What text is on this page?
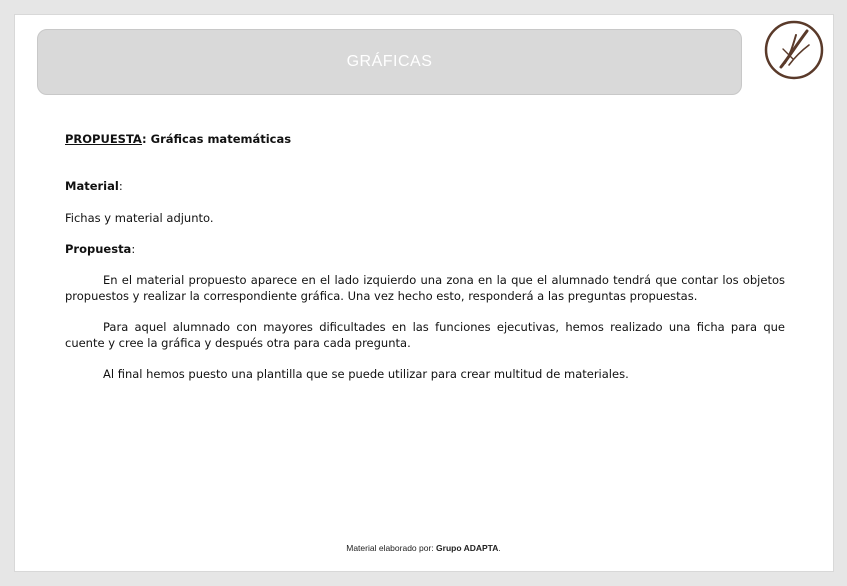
GRÁFICAS

PROPUESTA: Gráficas matemáticas

Material:

Fichas y material adjunto.

Propuesta:

En el material propuesto aparece en el lado izquierdo una zona en la que el alumnado tendrá que contar los objetos propuestos y realizar la correspondiente gráfica. Una vez hecho esto, responderá a las preguntas propuestas.

Para aquel alumnado con mayores dificultades en las funciones ejecutivas, hemos realizado una ficha para que cuente y cree la gráfica y después otra para cada pregunta.

Al final hemos puesto una plantilla que se puede utilizar para crear multitud de materiales.

Material elaborado por: Grupo ADAPTA.
